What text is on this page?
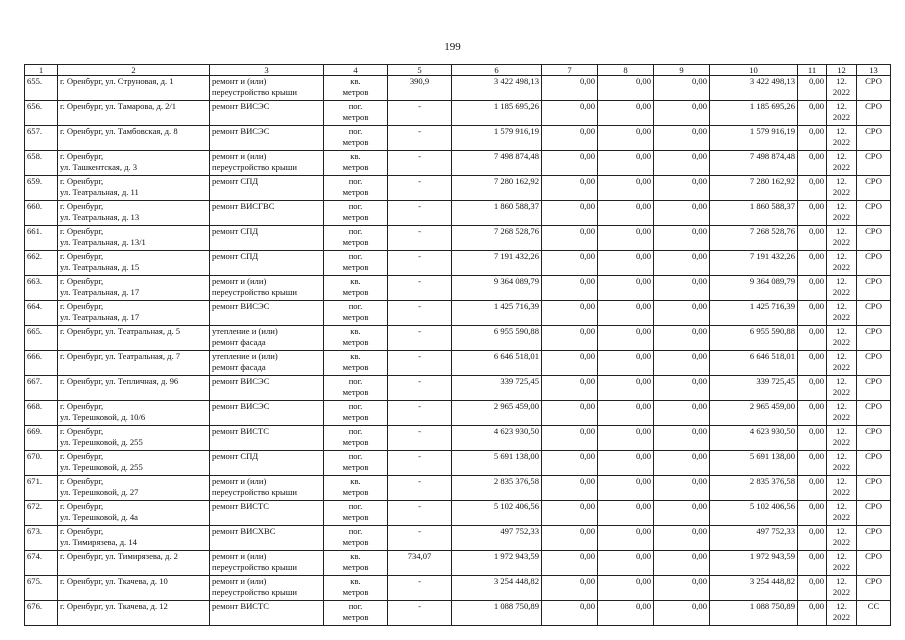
199
1	2	3	4	5	6	7	8	9	10	11	12	13

655.	г. Оренбург, ул. Струновая, д. 1	ремонт и (или)
переустройство крыши	кв.
метров	390,9	3 422 498,13	0,00	0,00	0,00	3 422 498,13	0,00	12.
2022	СРО

656.	г. Оренбург, ул. Тамарова, д. 2/1	ремонт ВИСЭС	пог.
метров	-	1 185 695,26	0,00	0,00	0,00	1 185 695,26	0,00	12.
2022	СРО

657.	г. Оренбург, ул. Тамбовская, д. 8	ремонт ВИСЭС	пог.
метров	-	1 579 916,19	0,00	0,00	0,00	1 579 916,19	0,00	12.
2022	СРО

658.	г. Оренбург,
ул. Ташкентская, д. 3	ремонт и (или)
переустройство крыши	кв.
метров	-	7 498 874,48	0,00	0,00	0,00	7 498 874,48	0,00	12.
2022	СРО

659.	г. Оренбург,
ул. Театральная, д. 11	ремонт СПД	пог.
метров	-	7 280 162,92	0,00	0,00	0,00	7 280 162,92	0,00	12.
2022	СРО

660.	г. Оренбург,
ул. Театральная, д. 13	ремонт ВИСГВС	пог.
метров	-	1 860 588,37	0,00	0,00	0,00	1 860 588,37	0,00	12.
2022	СРО

661.	г. Оренбург,
ул. Театральная, д. 13/1	ремонт СПД	пог.
метров	-	7 268 528,76	0,00	0,00	0,00	7 268 528,76	0,00	12.
2022	СРО

662.	г. Оренбург,
ул. Театральная, д. 15	ремонт СПД	пог.
метров	-	7 191 432,26	0,00	0,00	0,00	7 191 432,26	0,00	12.
2022	СРО

663.	г. Оренбург,
ул. Театральная, д. 17	ремонт и (или)
переустройство крыши	кв.
метров	-	9 364 089,79	0,00	0,00	0,00	9 364 089,79	0,00	12.
2022	СРО

664.	г. Оренбург,
ул. Театральная, д. 17	ремонт ВИСЭС	пог.
метров	-	1 425 716,39	0,00	0,00	0,00	1 425 716,39	0,00	12.
2022	СРО

665.	г. Оренбург, ул. Театральная, д. 5	утепление и (или)
ремонт фасада	кв.
метров	-	6 955 590,88	0,00	0,00	0,00	6 955 590,88	0,00	12.
2022	СРО

666.	г. Оренбург, ул. Театральная, д. 7	утепление и (или)
ремонт фасада	кв.
метров	-	6 646 518,01	0,00	0,00	0,00	6 646 518,01	0,00	12.
2022	СРО

667.	г. Оренбург, ул. Тепличная, д. 96	ремонт ВИСЭС	пог.
метров	-	339 725,45	0,00	0,00	0,00	339 725,45	0,00	12.
2022	СРО

668.	г. Оренбург,
ул. Терешковой, д. 10/6	ремонт ВИСЭС	пог.
метров	-	2 965 459,00	0,00	0,00	0,00	2 965 459,00	0,00	12.
2022	СРО

669.	г. Оренбург,
ул. Терешковой, д. 255	ремонт ВИСТС	пог.
метров	-	4 623 930,50	0,00	0,00	0,00	4 623 930,50	0,00	12.
2022	СРО

670.	г. Оренбург,
ул. Терешковой, д. 255	ремонт СПД	пог.
метров	-	5 691 138,00	0,00	0,00	0,00	5 691 138,00	0,00	12.
2022	СРО

671.	г. Оренбург,
ул. Терешковой, д. 27	ремонт и (или)
переустройство крыши	кв.
метров	-	2 835 376,58	0,00	0,00	0,00	2 835 376,58	0,00	12.
2022	СРО

672.	г. Оренбург,
ул. Терешковой, д. 4а	ремонт ВИСТС	пог.
метров	-	5 102 406,56	0,00	0,00	0,00	5 102 406,56	0,00	12.
2022	СРО

673.	г. Оренбург,
ул. Тимирязева, д. 14	ремонт ВИСХВС	пог.
метров	-	497 752,33	0,00	0,00	0,00	497 752,33	0,00	12.
2022	СРО

674.	г. Оренбург, ул. Тимирязева, д. 2	ремонт и (или)
переустройство крыши	кв.
метров	734,07	1 972 943,59	0,00	0,00	0,00	1 972 943,59	0,00	12.
2022	СРО

675.	г. Оренбург, ул. Ткачева, д. 10	ремонт и (или)
переустройство крыши	кв.
метров	-	3 254 448,82	0,00	0,00	0,00	3 254 448,82	0,00	12.
2022	СРО

676.	г. Оренбург, ул. Ткачева, д. 12	ремонт ВИСТС	пог.
метров	-	1 088 750,89	0,00	0,00	0,00	1 088 750,89	0,00	12.
2022	СС
